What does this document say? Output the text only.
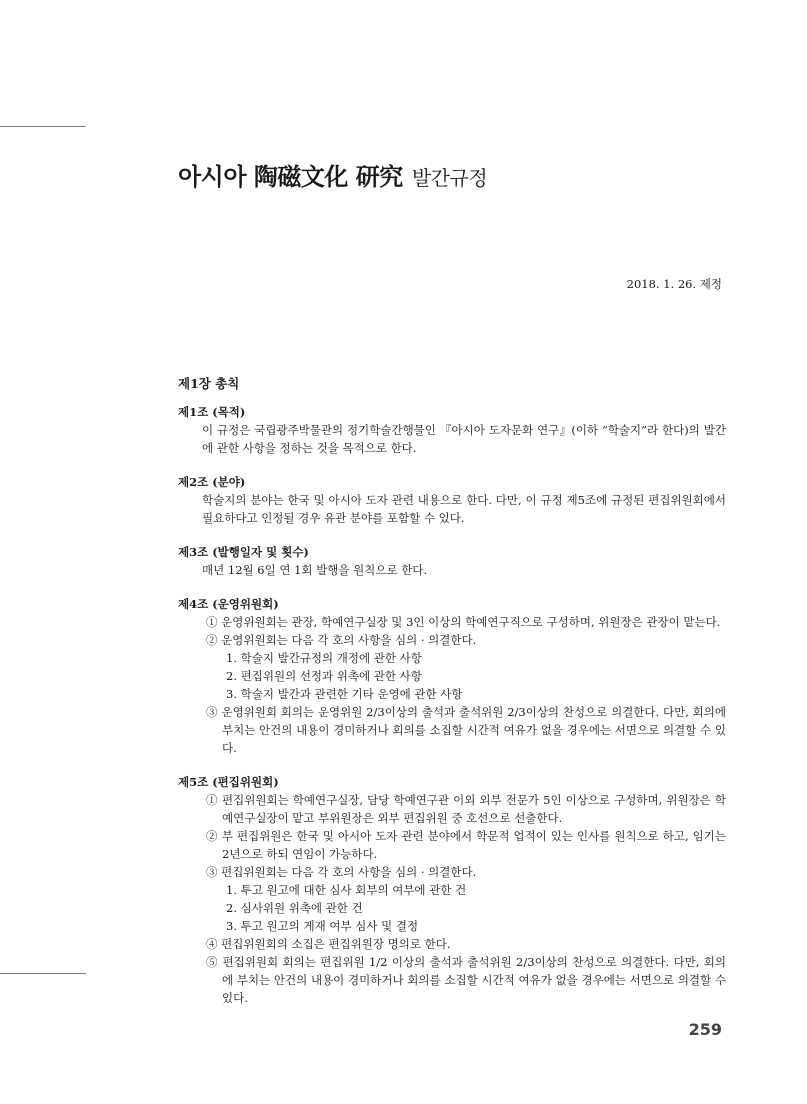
아시아 陶磁文化 研究 발간규정
2018. 1. 26. 제정
제1장 총칙
제1조 (목적)
이 규정은 국립광주박물관의 정기학술간행물인 『아시아 도자문화 연구』(이하 “학술지”라 한다)의 발간에 관한 사항을 정하는 것을 목적으로 한다.
제2조 (분야)
학술지의 분야는 한국 및 아시아 도자 관련 내용으로 한다. 다만, 이 규정 제5조에 규정된 편집위원회에서 필요하다고 인정될 경우 유관 분야를 포함할 수 있다.
제3조 (발행일자 및 횟수)
매년 12월 6일 연 1회 발행을 원칙으로 한다.
제4조 (운영위원회)
① 운영위원회는 관장, 학예연구실장 및 3인 이상의 학예연구직으로 구성하며, 위원장은 관장이 맡는다.
② 운영위원회는 다음 각 호의 사항을 심의 · 의결한다.
1. 학술지 발간규정의 개정에 관한 사항
2. 편집위원의 선정과 위촉에 관한 사항
3. 학술지 발간과 관련한 기타 운영에 관한 사항
③ 운영위원회 회의는 운영위원 2/3이상의 출석과 출석위원 2/3이상의 찬성으로 의결한다. 다만, 회의에 부치는 안건의 내용이 경미하거나 회의를 소집할 시간적 여유가 없을 경우에는 서면으로 의결할 수 있다.
제5조 (편집위원회)
① 편집위원회는 학예연구실장, 담당 학예연구관 이외 외부 전문가 5인 이상으로 구성하며, 위원장은 학예연구실장이 맡고 부위원장은 외부 편집위원 중 호선으로 선출한다.
② 부 편집위원은 한국 및 아시아 도자 관련 분야에서 학문적 업적이 있는 인사를 원칙으로 하고, 임기는 2년으로 하되 연임이 가능하다.
③ 편집위원회는 다음 각 호의 사항을 심의 · 의결한다.
1. 투고 원고에 대한 심사 회부의 여부에 관한 건
2. 심사위원 위촉에 관한 건
3. 투고 원고의 게재 여부 심사 및 결정
④ 편집위원회의 소집은 편집위원장 명의로 한다.
⑤ 편집위원회 회의는 편집위원 1/2 이상의 출석과 출석위원 2/3이상의 찬성으로 의결한다. 다만, 회의에 부치는 안건의 내용이 경미하거나 회의를 소집할 시간적 여유가 없을 경우에는 서면으로 의결할 수 있다.
259
